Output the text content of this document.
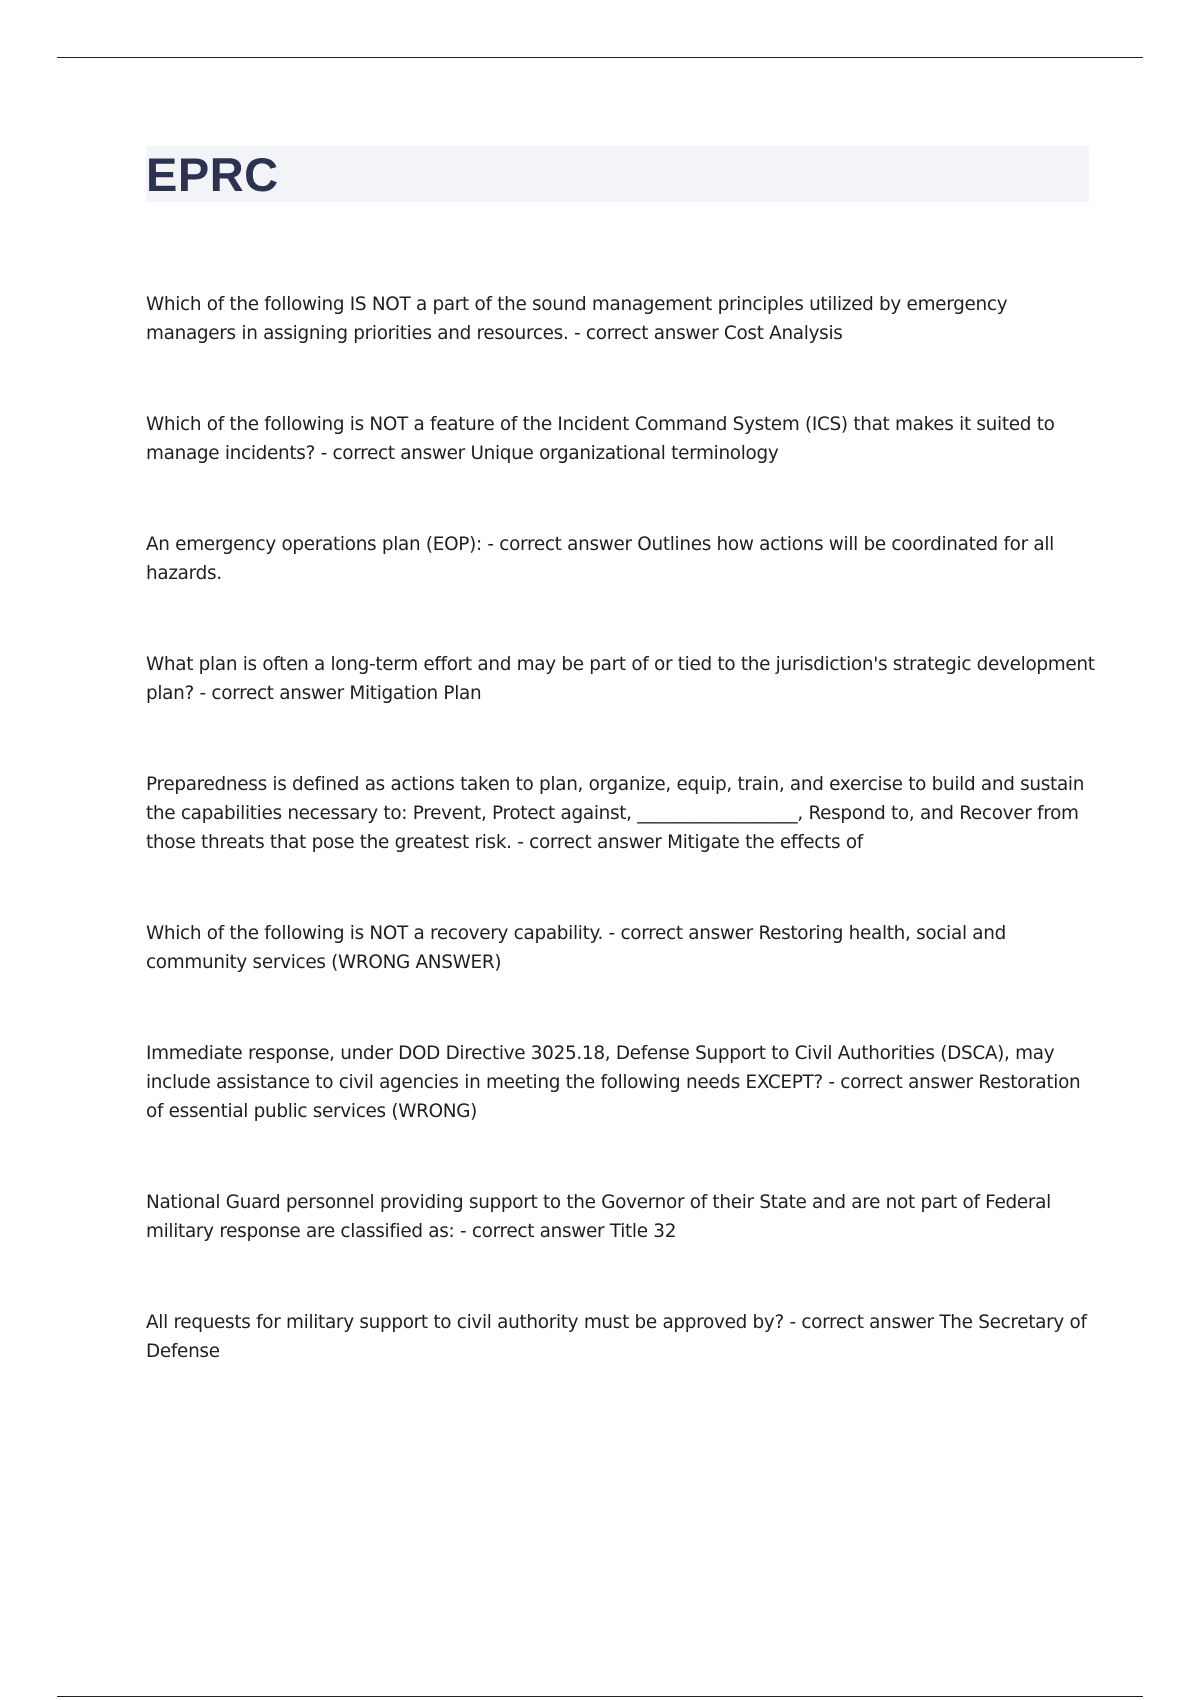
EPRC

Which of the following IS NOT a part of the sound management principles utilized by emergency managers in assigning priorities and resources. - correct answer Cost Analysis

Which of the following is NOT a feature of the Incident Command System (ICS) that makes it suited to manage incidents? - correct answer Unique organizational terminology

An emergency operations plan (EOP): - correct answer Outlines how actions will be coordinated for all hazards.

What plan is often a long-term effort and may be part of or tied to the jurisdiction's strategic development plan? - correct answer Mitigation Plan

Preparedness is defined as actions taken to plan, organize, equip, train, and exercise to build and sustain the capabilities necessary to: Prevent, Protect against, __________________, Respond to, and Recover from those threats that pose the greatest risk. - correct answer Mitigate the effects of

Which of the following is NOT a recovery capability. - correct answer Restoring health, social and community services (WRONG ANSWER)

Immediate response, under DOD Directive 3025.18, Defense Support to Civil Authorities (DSCA), may include assistance to civil agencies in meeting the following needs EXCEPT? - correct answer Restoration of essential public services (WRONG)

National Guard personnel providing support to the Governor of their State and are not part of Federal military response are classified as: - correct answer Title 32

All requests for military support to civil authority must be approved by? - correct answer The Secretary of Defense
